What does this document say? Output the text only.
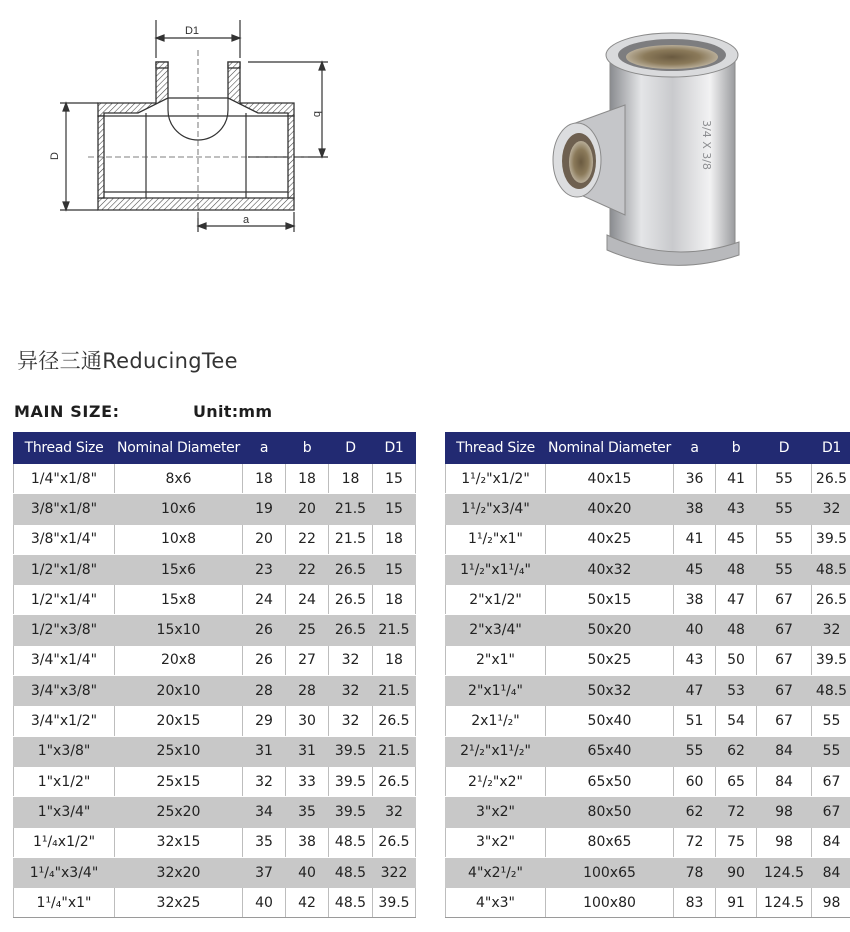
D1
b
D
a
3/4 X 3/8
异径三通ReducingTee
MAIN SIZE:	Unit:mm
Thread Size	Nominal Diameter	a	b	D	D1
1/4"x1/8"	8x6	18	18	18	15
3/8"x1/8"	10x6	19	20	21.5	15
3/8"x1/4"	10x8	20	22	21.5	18
1/2"x1/8"	15x6	23	22	26.5	15
1/2"x1/4"	15x8	24	24	26.5	18
1/2"x3/8"	15x10	26	25	26.5	21.5
3/4"x1/4"	20x8	26	27	32	18
3/4"x3/8"	20x10	28	28	32	21.5
3/4"x1/2"	20x15	29	30	32	26.5
1"x3/8"	25x10	31	31	39.5	21.5
1"x1/2"	25x15	32	33	39.5	26.5
1"x3/4"	25x20	34	35	39.5	32
1¹/₄x1/2"	32x15	35	38	48.5	26.5
1¹/₄"x3/4"	32x20	37	40	48.5	322
1¹/₄"x1"	32x25	40	42	48.5	39.5
Thread Size	Nominal Diameter	a	b	D	D1
1¹/₂"x1/2"	40x15	36	41	55	26.5
1¹/₂"x3/4"	40x20	38	43	55	32
1¹/₂"x1"	40x25	41	45	55	39.5
1¹/₂"x1¹/₄"	40x32	45	48	55	48.5
2"x1/2"	50x15	38	47	67	26.5
2"x3/4"	50x20	40	48	67	32
2"x1"	50x25	43	50	67	39.5
2"x1¹/₄"	50x32	47	53	67	48.5
2x1¹/₂"	50x40	51	54	67	55
2¹/₂"x1¹/₂"	65x40	55	62	84	55
2¹/₂"x2"	65x50	60	65	84	67
3"x2"	80x50	62	72	98	67
3"x2"	80x65	72	75	98	84
4"x2¹/₂"	100x65	78	90	124.5	84
4"x3"	100x80	83	91	124.5	98
